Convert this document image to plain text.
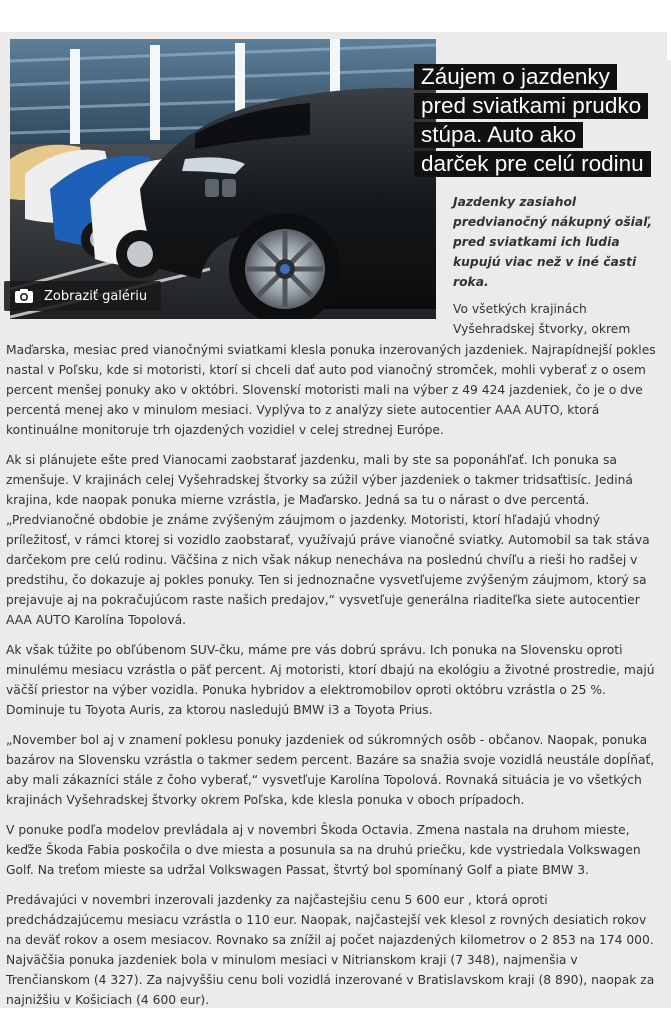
Zobraziť galériu
Záujem o jazdenky
pred sviatkami prudko
stúpa. Auto ako
darček pre celú rodinu

Jazdenky zasiahol predvianočný nákupný ošiaľ, pred sviatkami ich ľudia kupujú viac než v iné časti roka.

Vo všetkých krajinách Vyšehradskej štvorky, okrem

Maďarska, mesiac pred vianočnými sviatkami klesla ponuka inzerovaných jazdeniek. Najrapídnejší pokles nastal v Poľsku, kde si motoristi, ktorí si chceli dať auto pod vianočný stromček, mohli vyberať z o osem percent menšej ponuky ako v októbri. Slovenskí motoristi mali na výber z 49 424 jazdeniek, čo je o dve percentá menej ako v minulom mesiaci. Vyplýva to z analýzy siete autocentier AAA AUTO, ktorá kontinuálne monitoruje trh ojazdených vozidiel v celej strednej Európe.

Ak si plánujete ešte pred Vianocami zaobstarať jazdenku, mali by ste sa poponáhľať. Ich ponuka sa zmenšuje. V krajinách celej Vyšehradskej štvorky sa zúžil výber jazdeniek o takmer tridsaťtisíc. Jediná krajina, kde naopak ponuka mierne vzrástla, je Maďarsko. Jedná sa tu o nárast o dve percentá. „Predvianočné obdobie je známe zvýšeným záujmom o jazdenky. Motoristi, ktorí hľadajú vhodný príležitosť, v rámci ktorej si vozidlo zaobstarať, využívajú práve vianočné sviatky. Automobil sa tak stáva darčekom pre celú rodinu. Väčšina z nich však nákup nenecháva na poslednú chvíľu a rieši ho radšej v predstihu, čo dokazuje aj pokles ponuky. Ten si jednoznačne vysvetľujeme zvýšeným záujmom, ktorý sa prejavuje aj na pokračujúcom raste našich predajov,“ vysvetľuje generálna riaditeľka siete autocentier AAA AUTO Karolína Topolová.

Ak však túžite po obľúbenom SUV-čku, máme pre vás dobrú správu. Ich ponuka na Slovensku oproti minulému mesiacu vzrástla o päť percent. Aj motoristi, ktorí dbajú na ekológiu a životné prostredie, majú väčší priestor na výber vozidla. Ponuka hybridov a elektromobilov oproti októbru vzrástla o 25 %. Dominuje tu Toyota Auris, za ktorou nasledujú BMW i3 a Toyota Prius.

„November bol aj v znamení poklesu ponuky jazdeniek od súkromných osôb - občanov. Naopak, ponuka bazárov na Slovensku vzrástla o takmer sedem percent. Bazáre sa snažia svoje vozidlá neustále dopĺňať, aby mali zákazníci stále z čoho vyberať,“ vysvetľuje Karolína Topolová. Rovnaká situácia je vo všetkých krajinách Vyšehradskej štvorky okrem Poľska, kde klesla ponuka v oboch prípadoch.

V ponuke podľa modelov prevládala aj v novembri Škoda Octavia. Zmena nastala na druhom mieste, keďže Škoda Fabia poskočila o dve miesta a posunula sa na druhú priečku, kde vystriedala Volkswagen Golf. Na treťom mieste sa udržal Volkswagen Passat, štvrtý bol spomínaný Golf a piate BMW 3.

Predávajúci v novembri inzerovali jazdenky za najčastejšiu cenu 5 600 eur , ktorá oproti predchádzajúcemu mesiacu vzrástla o 110 eur. Naopak, najčastejší vek klesol z rovných desiatich rokov na deväť rokov a osem mesiacov. Rovnako sa znížil aj počet najazdených kilometrov o 2 853 na 174 000. Najväčšia ponuka jazdeniek bola v minulom mesiaci v Nitrianskom kraji (7 348), najmenšia v Trenčianskom (4 327). Za najvyššiu cenu boli vozidlá inzerované v Bratislavskom kraji (8 890), naopak za najnižšiu v Košiciach (4 600 eur).
